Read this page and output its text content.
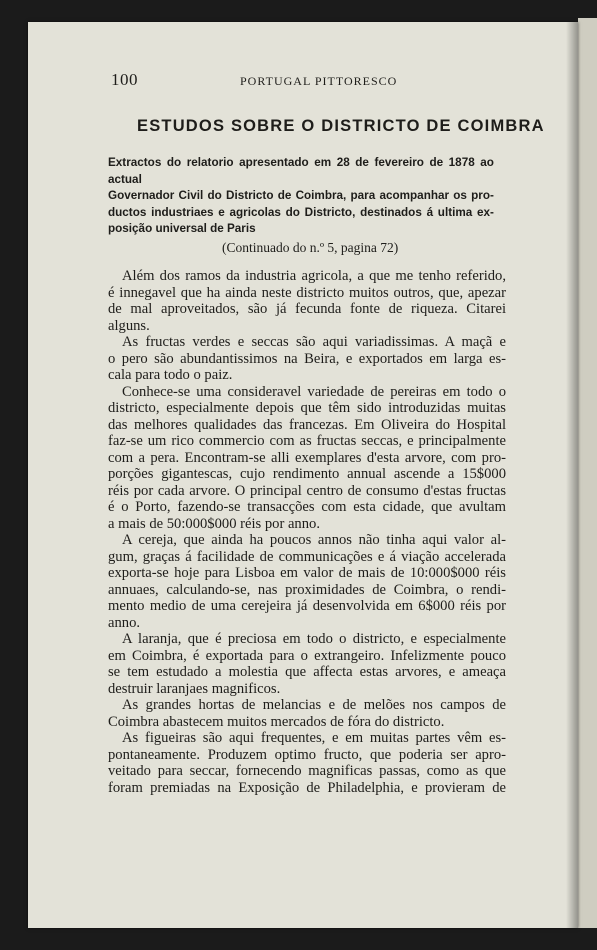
100	PORTUGAL PITTORESCO
ESTUDOS SOBRE O DISTRICTO DE COIMBRA
Extractos do relatorio apresentado em 28 de fevereiro de 1878 ao actual
Governador Civil do Districto de Coimbra, para acompanhar os pro-
ductos industriaes e agricolas do Districto, destinados á ultima ex-
posição universal de Paris
(Continuado do n.º 5, pagina 72)
Além dos ramos da industria agricola, a que me tenho referido,
é innegavel que ha ainda neste districto muitos outros, que, apezar
de mal aproveitados, são já fecunda fonte de riqueza. Citarei
alguns.
As fructas verdes e seccas são aqui variadissimas. A maçã e
o pero são abundantissimos na Beira, e exportados em larga es-
cala para todo o paiz.
Conhece-se uma consideravel variedade de pereiras em todo o
districto, especialmente depois que têm sido introduzidas muitas
das melhores qualidades das francezas. Em Oliveira do Hospital
faz-se um rico commercio com as fructas seccas, e principalmente
com a pera. Encontram-se alli exemplares d'esta arvore, com pro-
porções gigantescas, cujo rendimento annual ascende a 15$000
réis por cada arvore. O principal centro de consumo d'estas fructas
é o Porto, fazendo-se transacções com esta cidade, que avultam
a mais de 50:000$000 réis por anno.
A cereja, que ainda ha poucos annos não tinha aqui valor al-
gum, graças á facilidade de communicações e á viação accelerada
exporta-se hoje para Lisboa em valor de mais de 10:000$000 réis
annuaes, calculando-se, nas proximidades de Coimbra, o rendi-
mento medio de uma cerejeira já desenvolvida em 6$000 réis por
anno.
A laranja, que é preciosa em todo o districto, e especialmente
em Coimbra, é exportada para o extrangeiro. Infelizmente pouco
se tem estudado a molestia que affecta estas arvores, e ameaça
destruir laranjaes magnificos.
As grandes hortas de melancias e de melões nos campos de
Coimbra abastecem muitos mercados de fóra do districto.
As figueiras são aqui frequentes, e em muitas partes vêm es-
pontaneamente. Produzem optimo fructo, que poderia ser apro-
veitado para seccar, fornecendo magnificas passas, como as que
foram premiadas na Exposição de Philadelphia, e provieram de
